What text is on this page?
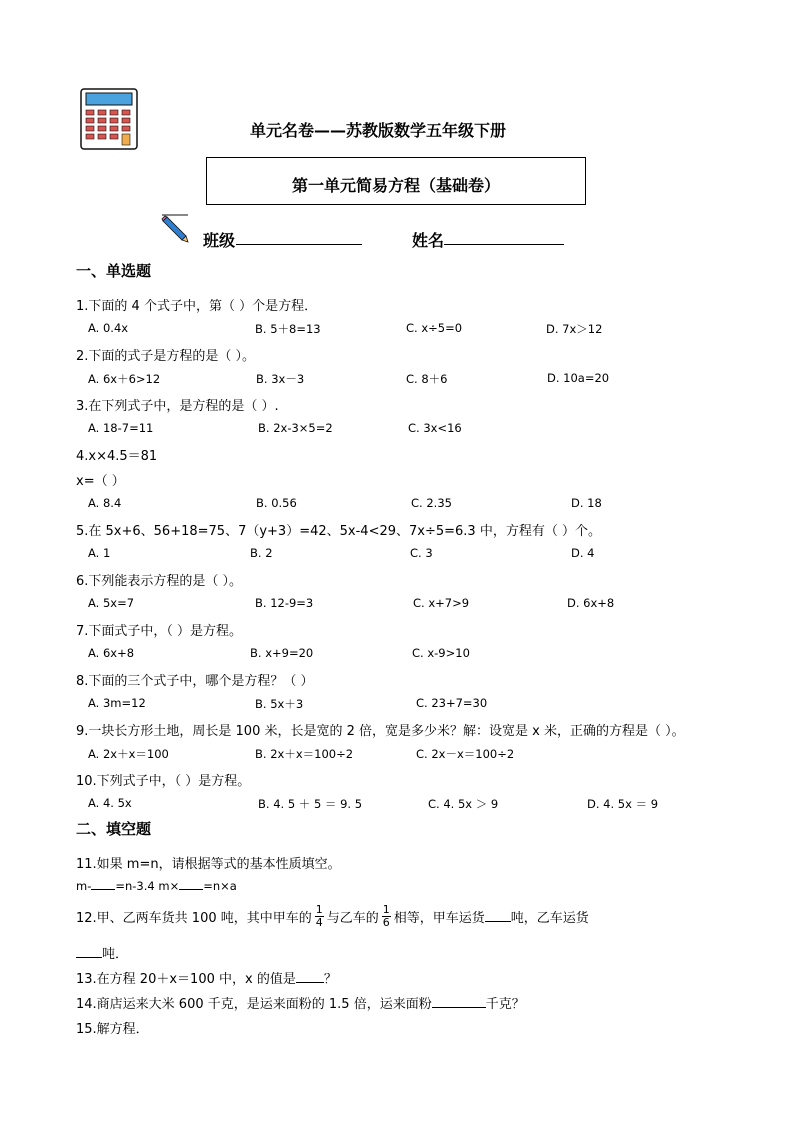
单元名卷——苏教版数学五年级下册
第一单元简易方程（基础卷）
班级	姓名
一、单选题
1.下面的 4 个式子中，第（ ）个是方程．
A. 0.4x	B. 5＋8=13	C. x÷5=0	D. 7x＞12
2.下面的式子是方程的是（ ）。
A. 6x＋6>12	B. 3x－3	C. 8＋6	D. 10a=20
3.在下列式子中，是方程的是（ ）.
A. 18-7=11	B. 2x-3×5=2	C. 3x<16
4.x×4.5＝81
x=（ ）
A. 8.4	B. 0.56	C. 2.35	D. 18
5.在 5x+6、56+18=75、7（y+3）=42、5x-4<29、7x÷5=6.3 中，方程有（ ）个。
A. 1	B. 2	C. 3	D. 4
6.下列能表示方程的是（ ）。
A. 5x=7	B. 12-9=3	C. x+7>9	D. 6x+8
7.下面式子中，（ ）是方程。
A. 6x+8	B. x+9=20	C. x-9>10
8.下面的三个式子中，哪个是方程？（ ）
A. 3m=12	B. 5x＋3	C. 23+7=30
9.一块长方形土地，周长是 100 米，长是宽的 2 倍，宽是多少米？解：设宽是 x 米，正确的方程是（ ）。
A. 2x＋x＝100	B. 2x＋x＝100÷2	C. 2x－x＝100÷2
10.下列式子中，（ ）是方程。
A. 4. 5x	B. 4. 5 ＋ 5 ＝ 9. 5	C. 4. 5x ＞ 9	D. 4. 5x ＝ 9
二、填空题
11.如果 m=n，请根据等式的基本性质填空。
m- =n-3.4 m× =n×a
12.甲、乙两车货共 100 吨，其中甲车的 $\frac{1}{4}$ 与乙车的 $\frac{1}{6}$ 相等，甲车运货 吨，乙车运货
吨．
13.在方程 20＋x＝100 中，x 的值是 ？
14.商店运来大米 600 千克，是运来面粉的 1.5 倍，运来面粉	千克？
15.解方程．
